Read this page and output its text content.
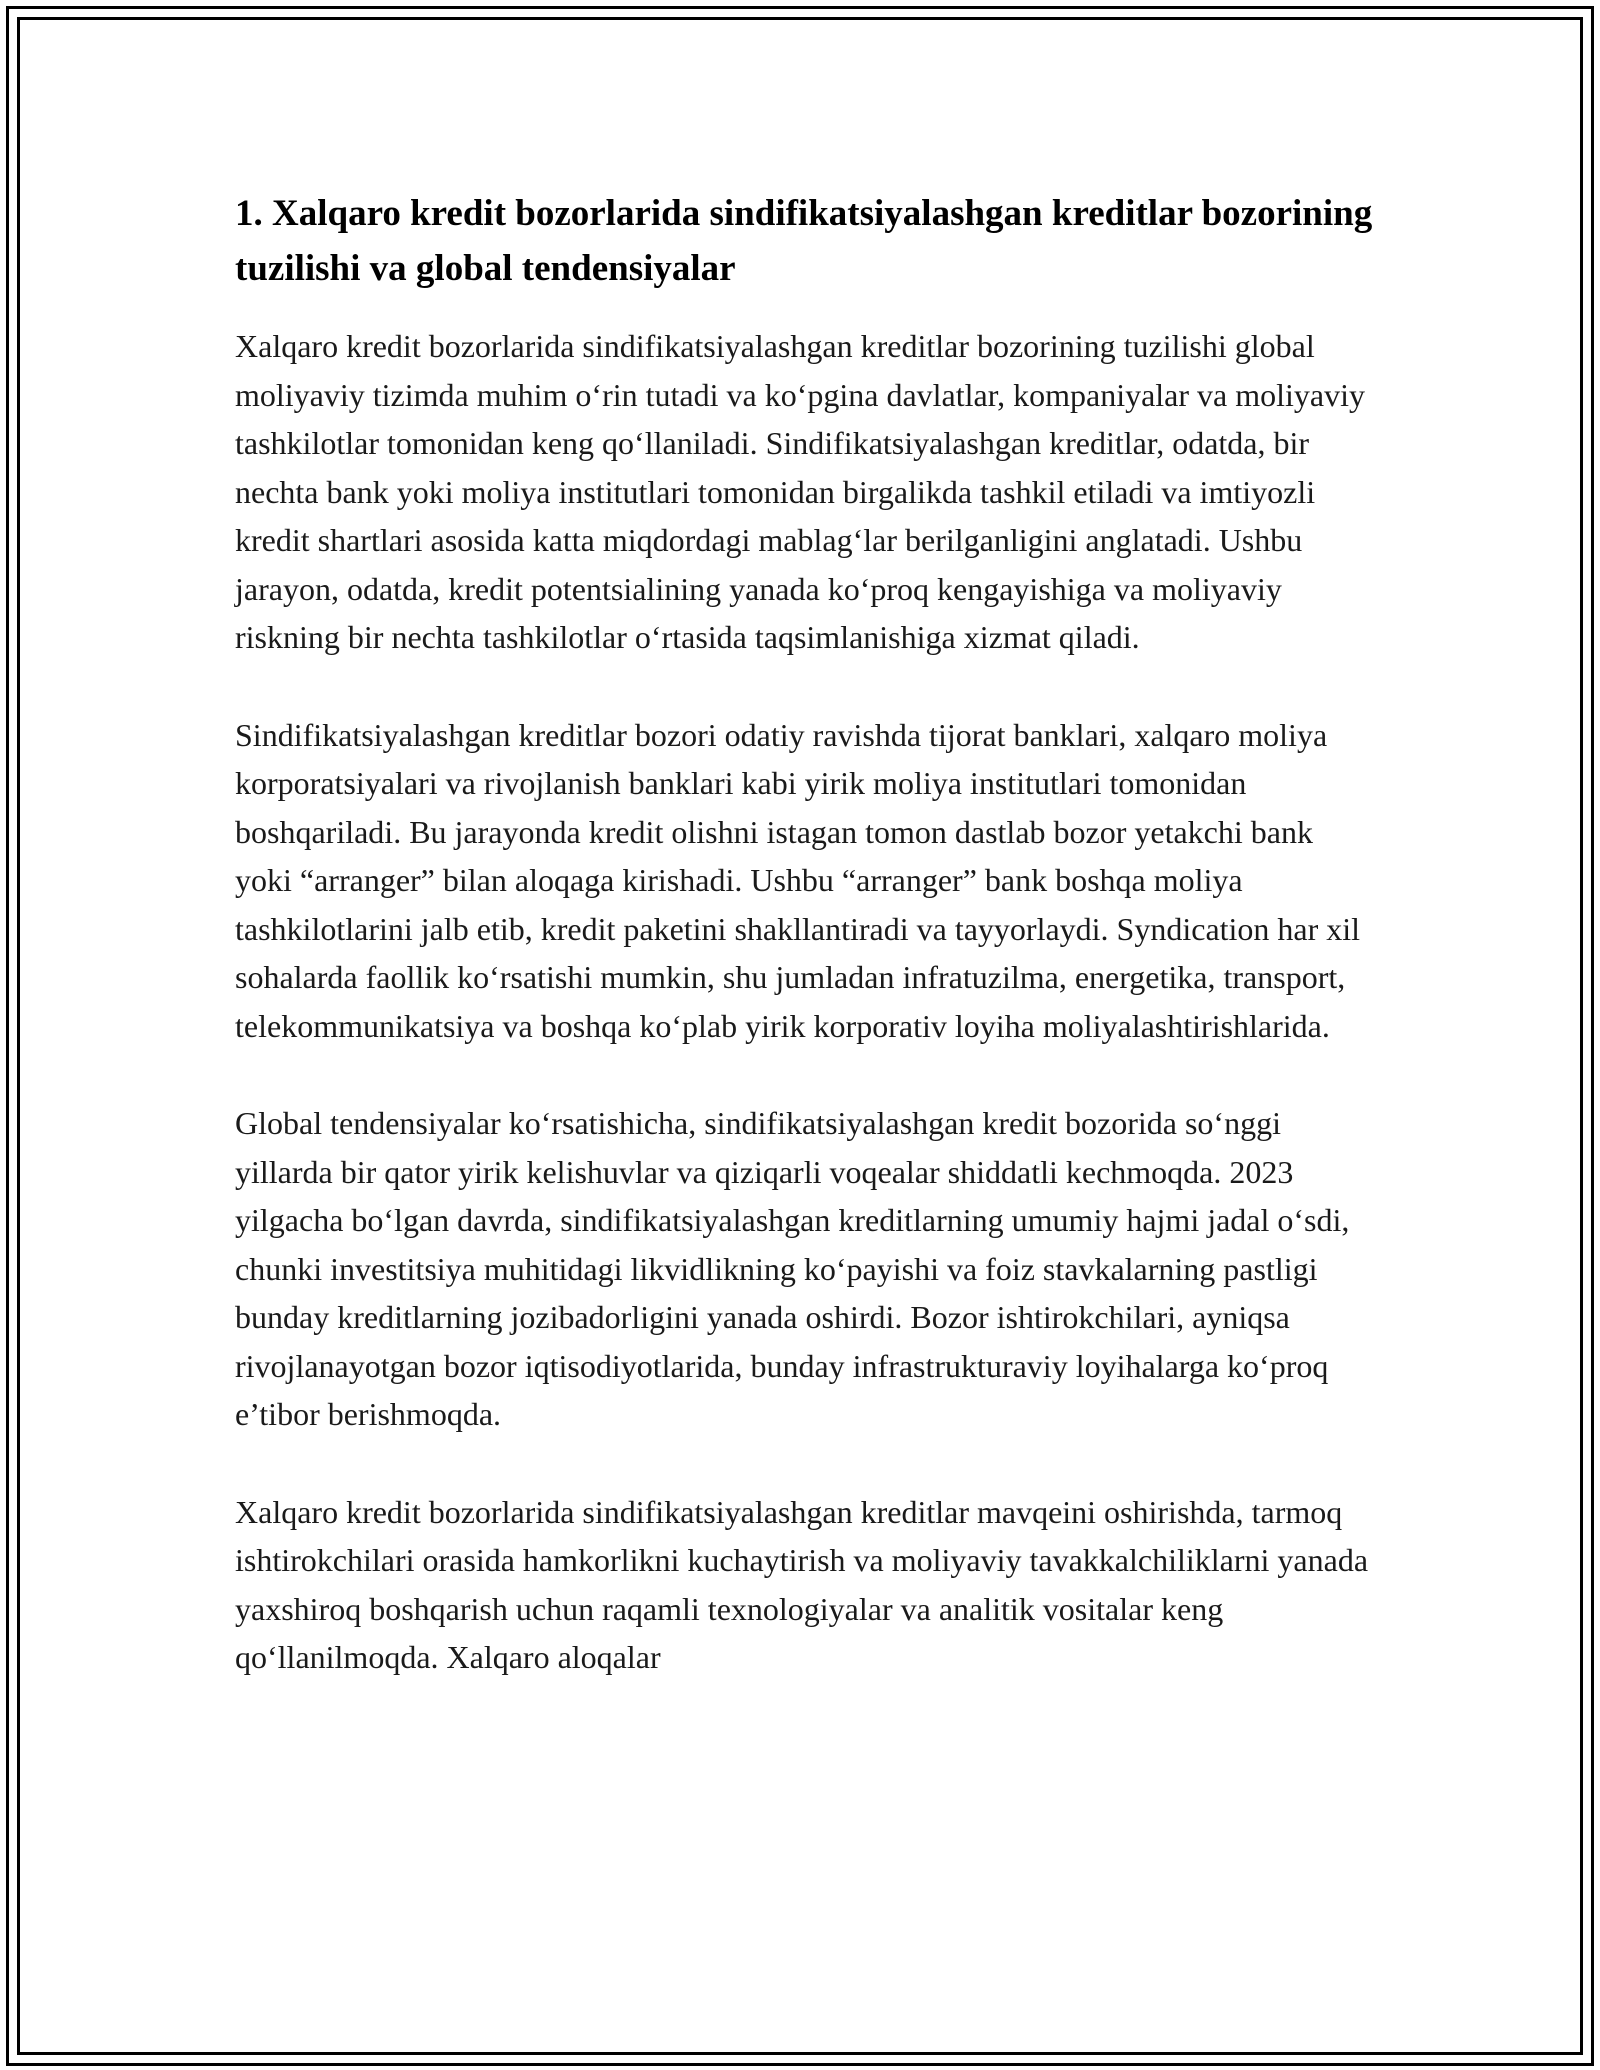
1. Xalqaro kredit bozorlarida sindifikatsiyalashgan kreditlar bozorining tuzilishi va global tendensiyalar

Xalqaro kredit bozorlarida sindifikatsiyalashgan kreditlar bozorining tuzilishi global moliyaviy tizimda muhim oʻrin tutadi va koʻpgina davlatlar, kompaniyalar va moliyaviy tashkilotlar tomonidan keng qoʻllaniladi. Sindifikatsiyalashgan kreditlar, odatda, bir nechta bank yoki moliya institutlari tomonidan birgalikda tashkil etiladi va imtiyozli kredit shartlari asosida katta miqdordagi mablagʻlar berilganligini anglatadi. Ushbu jarayon, odatda, kredit potentsialining yanada koʻproq kengayishiga va moliyaviy riskning bir nechta tashkilotlar oʻrtasida taqsimlanishiga xizmat qiladi.

Sindifikatsiyalashgan kreditlar bozori odatiy ravishda tijorat banklari, xalqaro moliya korporatsiyalari va rivojlanish banklari kabi yirik moliya institutlari tomonidan boshqariladi. Bu jarayonda kredit olishni istagan tomon dastlab bozor yetakchi bank yoki “arranger” bilan aloqaga kirishadi. Ushbu “arranger” bank boshqa moliya tashkilotlarini jalb etib, kredit paketini shakllantiradi va tayyorlaydi. Syndication har xil sohalarda faollik koʻrsatishi mumkin, shu jumladan infratuzilma, energetika, transport, telekommunikatsiya va boshqa koʻplab yirik korporativ loyiha moliyalashtirishlarida.

Global tendensiyalar koʻrsatishicha, sindifikatsiyalashgan kredit bozorida soʻnggi yillarda bir qator yirik kelishuvlar va qiziqarli voqealar shiddatli kechmoqda. 2023 yilgacha boʻlgan davrda, sindifikatsiyalashgan kreditlarning umumiy hajmi jadal oʻsdi, chunki investitsiya muhitidagi likvidlikning koʻpayishi va foiz stavkalarning pastligi bunday kreditlarning jozibadorligini yanada oshirdi. Bozor ishtirokchilari, ayniqsa rivojlanayotgan bozor iqtisodiyotlarida, bunday infrastrukturaviy loyihalarga koʻproq e’tibor berishmoqda.

Xalqaro kredit bozorlarida sindifikatsiyalashgan kreditlar mavqeini oshirishda, tarmoq ishtirokchilari orasida hamkorlikni kuchaytirish va moliyaviy tavakkalchiliklarni yanada yaxshiroq boshqarish uchun raqamli texnologiyalar va analitik vositalar keng qoʻllanilmoqda. Xalqaro aloqalar
